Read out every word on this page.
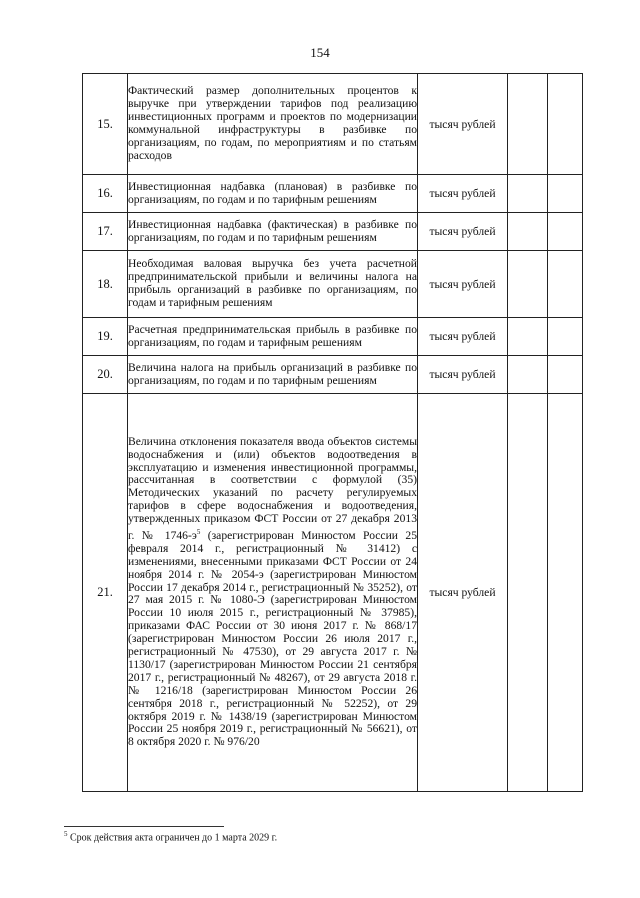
154
15.	Фактический размер дополнительных процентов к выручке при утверждении тарифов под реализацию инвестиционных программ и проектов по модернизации коммунальной инфраструктуры в разбивке по организациям, по годам, по мероприятиям и по статьям расходов	тысяч рублей		
16.	Инвестиционная надбавка (плановая) в разбивке по организациям, по годам и по тарифным решениям	тысяч рублей		
17.	Инвестиционная надбавка (фактическая) в разбивке по организациям, по годам и по тарифным решениям	тысяч рублей		
18.	Необходимая валовая выручка без учета расчетной предпринимательской прибыли и величины налога на прибыль организаций в разбивке по организациям, по годам и тарифным решениям	тысяч рублей		
19.	Расчетная предпринимательская прибыль в разбивке по организациям, по годам и тарифным решениям	тысяч рублей		
20.	Величина налога на прибыль организаций в разбивке по организациям, по годам и по тарифным решениям	тысяч рублей		
21.	Величина отклонения показателя ввода объектов системы водоснабжения и (или) объектов водоотведения в эксплуатацию и изменения инвестиционной программы, рассчитанная в соответствии с формулой (35) Методических указаний по расчету регулируемых тарифов в сфере водоснабжения и водоотведения, утвержденных приказом ФСТ России от 27 декабря 2013 г. № $1746-э^5$ (зарегистрирован Минюстом России 25 февраля 2014 г., регистрационный № 31412) с изменениями, внесенными приказами ФСТ России от 24 ноября 2014 г. № 2054-э (зарегистрирован Минюстом России 17 декабря 2014 г., регистрационный № 35252), от 27 мая 2015 г. № 1080-Э (зарегистрирован Минюстом России 10 июля 2015 г., регистрационный № 37985), приказами ФАС России от 30 июня 2017 г. № 868/17 (зарегистрирован Минюстом России 26 июля 2017 г., регистрационный № 47530), от 29 августа 2017 г. № 1130/17 (зарегистрирован Минюстом России 21 сентября 2017 г., регистрационный № 48267), от 29 августа 2018 г. № 1216/18 (зарегистрирован Минюстом России 26 сентября 2018 г., регистрационный № 52252), от 29 октября 2019 г. № 1438/19 (зарегистрирован Минюстом России 25 ноября 2019 г., регистрационный № 56621), от 8 октября 2020 г. № 976/20	тысяч рублей		
$^5$ Срок действия акта ограничен до 1 марта 2029 г.
